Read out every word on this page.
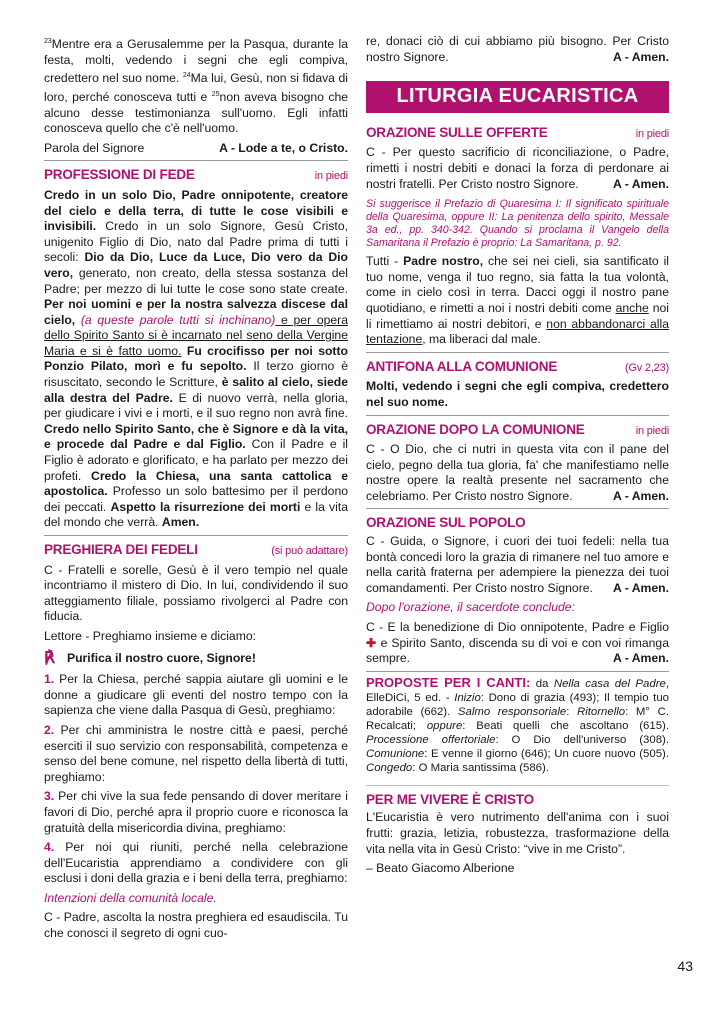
$^{23}$Mentre era a Gerusalemme per la Pasqua, durante la festa, molti, vedendo i segni che egli compiva, credettero nel suo nome. $^{24}$Ma lui, Gesù, non si fidava di loro, perché conosceva tutti e $^{25}$non aveva bisogno che alcuno desse testimonianza sull'uomo. Egli infatti conosceva quello che c'è nell'uomo.

Parola del Signore	A - Lode a te, o Cristo.
PROFESSIONE DI FEDE	in piedi

Credo in un solo Dio, Padre onnipotente, creatore del cielo e della terra, di tutte le cose visibili e invisibili. Credo in un solo Signore, Gesù Cristo, unigenito Figlio di Dio, nato dal Padre prima di tutti i secoli: Dio da Dio, Luce da Luce, Dio vero da Dio vero, generato, non creato, della stessa sostanza del Padre; per mezzo di lui tutte le cose sono state create. Per noi uomini e per la nostra salvezza discese dal cielo, (a queste parole tutti si inchinano) e per opera dello Spirito Santo si è incarnato nel seno della Vergine Maria e si è fatto uomo. Fu crocifisso per noi sotto Ponzio Pilato, morì e fu sepolto. Il terzo giorno è risuscitato, secondo le Scritture, è salito al cielo, siede alla destra del Padre. E di nuovo verrà, nella gloria, per giudicare i vivi e i morti, e il suo regno non avrà fine. Credo nello Spirito Santo, che è Signore e dà la vita, e procede dal Padre e dal Figlio. Con il Padre e il Figlio è adorato e glorificato, e ha parlato per mezzo dei profeti. Credo la Chiesa, una santa cattolica e apostolica. Professo un solo battesimo per il perdono dei peccati. Aspetto la risurrezione dei morti e la vita del mondo che verrà. Amen.

PREGHIERA DEI FEDELI	(si può adattare)

C - Fratelli e sorelle, Gesù è il vero tempio nel quale incontriamo il mistero di Dio. In lui, condividendo il suo atteggiamento filiale, possiamo rivolgerci al Padre con fiducia.

Lettore - Preghiamo insieme e diciamo:

℟ Purifica il nostro cuore, Signore!

1. Per la Chiesa, perché sappia aiutare gli uomini e le donne a giudicare gli eventi del nostro tempo con la sapienza che viene dalla Pasqua di Gesù, preghiamo:

2. Per chi amministra le nostre città e paesi, perché eserciti il suo servizio con responsabilità, competenza e senso del bene comune, nel rispetto della libertà di tutti, preghiamo:

3. Per chi vive la sua fede pensando di dover meritare i favori di Dio, perché apra il proprio cuore e riconosca la gratuità della misericordia divina, preghiamo:

4. Per noi qui riuniti, perché nella celebrazione dell'Eucaristia apprendiamo a condividere con gli esclusi i doni della grazia e i beni della terra, preghiamo:

Intenzioni della comunità locale.

C - Padre, ascolta la nostra preghiera ed esaudiscila. Tu che conosci il segreto di ogni cuo-

re, donaci ciò di cui abbiamo più bisogno. Per Cristo nostro Signore.	A - Amen.
LITURGIA EUCARISTICA
ORAZIONE SULLE OFFERTE	in piedi

C - Per questo sacrificio di riconciliazione, o Padre, rimetti i nostri debiti e donaci la forza di perdonare ai nostri fratelli. Per Cristo nostro Signore.	A - Amen.

Si suggerisce il Prefazio di Quaresima I: Il significato spirituale della Quaresima, oppure II: La penitenza dello spirito, Messale 3a ed., pp. 340-342. Quando si proclama il Vangelo della Samaritana il Prefazio è proprio: La Samaritana, p. 92.

Tutti - Padre nostro, che sei nei cieli, sia santificato il tuo nome, venga il tuo regno, sia fatta la tua volontà, come in cielo così in terra. Dacci oggi il nostro pane quotidiano, e rimetti a noi i nostri debiti come anche noi li rimettiamo ai nostri debitori, e non abbandonarci alla tentazione, ma liberaci dal male.

ANTIFONA ALLA COMUNIONE	(Gv 2,23)

Molti, vedendo i segni che egli compiva, credettero nel suo nome.

ORAZIONE DOPO LA COMUNIONE	in piedi

C - O Dio, che ci nutri in questa vita con il pane del cielo, pegno della tua gloria, fa' che manifestiamo nelle nostre opere la realtà presente nel sacramento che celebriamo. Per Cristo nostro Signore.	A - Amen.
ORAZIONE SUL POPOLO

C - Guida, o Signore, i cuori dei tuoi fedeli: nella tua bontà concedi loro la grazia di rimanere nel tuo amore e nella carità fraterna per adempiere la pienezza dei tuoi comandamenti. Per Cristo nostro Signore.	A - Amen.

Dopo l'orazione, il sacerdote conclude:

C - E la benedizione di Dio onnipotente, Padre e Figlio ✚ e Spirito Santo, discenda su di voi e con voi rimanga sempre.	A - Amen.

PROPOSTE PER I CANTI: da Nella casa del Padre, ElleDiCi, 5 ed. - Inizio: Dono di grazia (493); Il tempio tuo adorabile (662). Salmo responsoriale: Ritornello: M° C. Recalcati; oppure: Beati quelli che ascoltano (615). Processione offertoriale: O Dio dell'universo (308). Comunione: E venne il giorno (646); Un cuore nuovo (505). Congedo: O Maria santissima (586).

PER ME VIVERE È CRISTO

L'Eucaristia è vero nutrimento dell'anima con i suoi frutti: grazia, letizia, robustezza, trasformazione della vita nella vita in Gesù Cristo: “vive in me Cristo”.

– Beato Giacomo Alberione

43
